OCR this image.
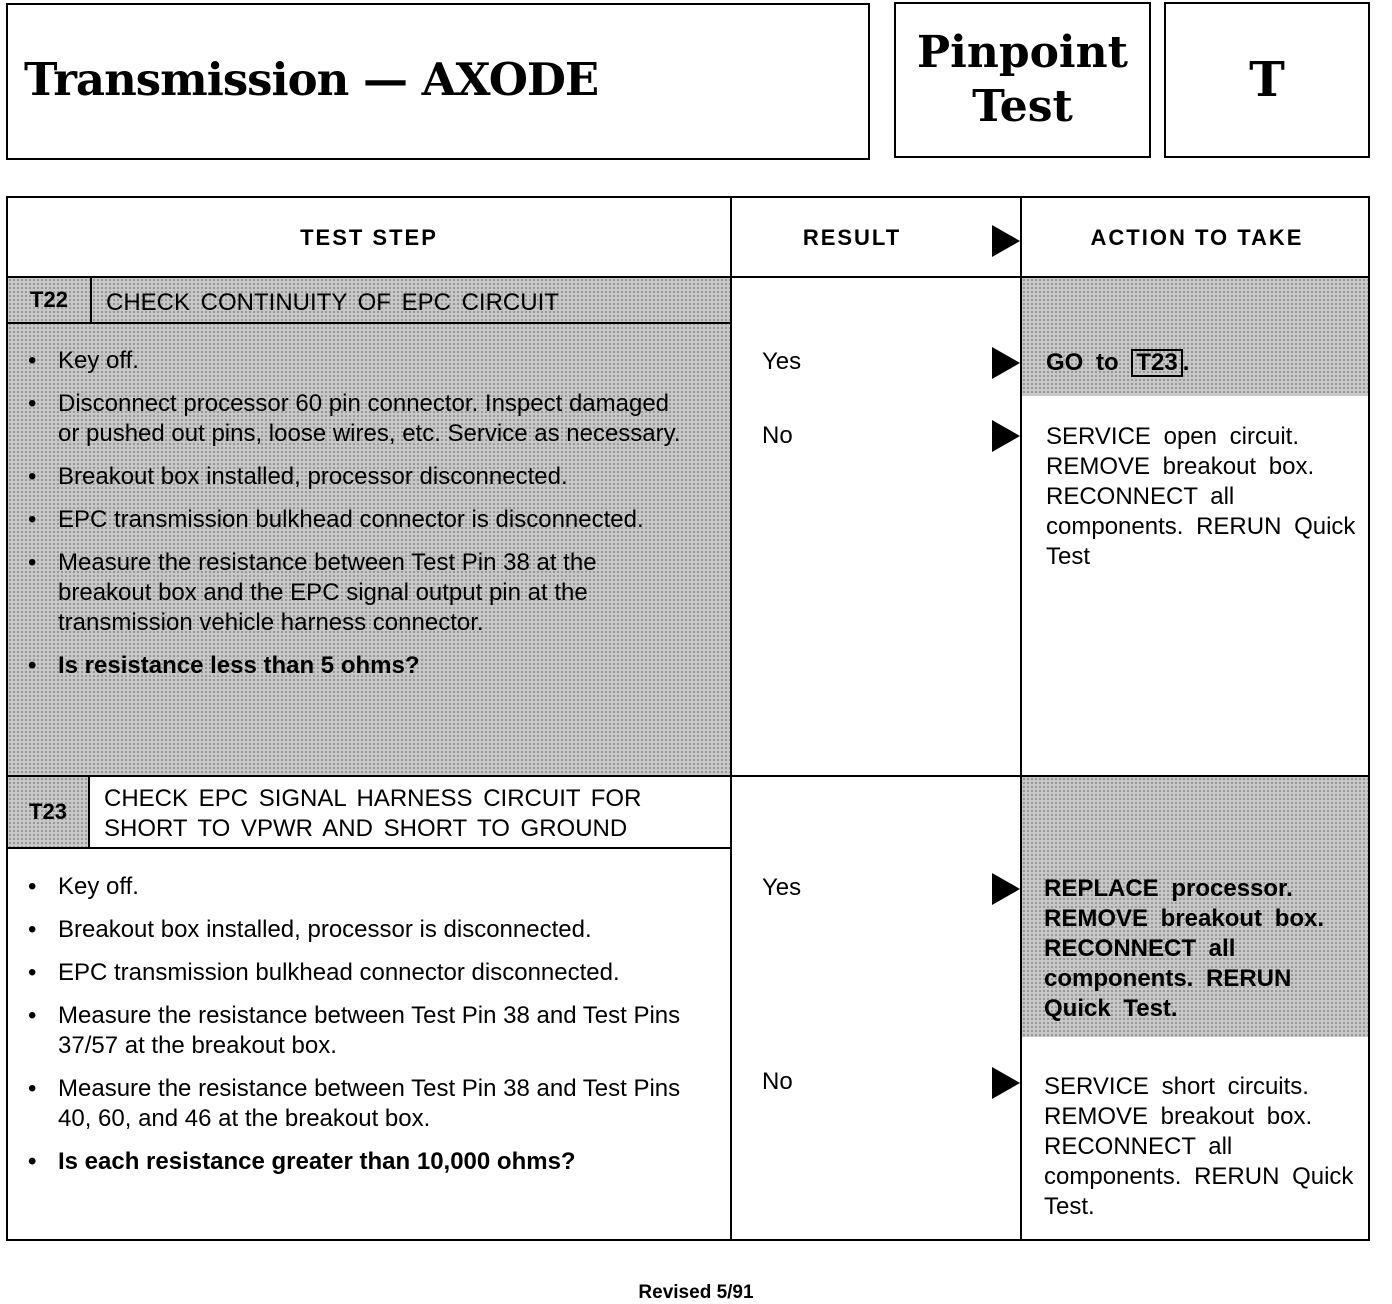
Transmission — AXODE
Pinpoint
Test	T
TEST STEP	RESULT	ACTION TO TAKE
T22	CHECK CONTINUITY OF EPC CIRCUIT
• Key off.
• Disconnect processor 60 pin connector. Inspect damaged or pushed out pins, loose wires, etc. Service as necessary.
• Breakout box installed, processor disconnected.
• EPC transmission bulkhead connector is disconnected.
• Measure the resistance between Test Pin 38 at the breakout box and the EPC signal output pin at the transmission vehicle harness connector.
• Is resistance less than 5 ohms?
Yes	GO to T23 .
No	SERVICE open circuit. REMOVE breakout box. RECONNECT all components. RERUN Quick Test
T23	CHECK EPC SIGNAL HARNESS CIRCUIT FOR
SHORT TO VPWR AND SHORT TO GROUND
• Key off.
• Breakout box installed, processor is disconnected.
• EPC transmission bulkhead connector disconnected.
• Measure the resistance between Test Pin 38 and Test Pins 37/57 at the breakout box.
• Measure the resistance between Test Pin 38 and Test Pins 40, 60, and 46 at the breakout box.
• Is each resistance greater than 10,000 ohms?
Yes	REPLACE processor. REMOVE breakout box. RECONNECT all components. RERUN Quick Test.
No	SERVICE short circuits. REMOVE breakout box. RECONNECT all components. RERUN Quick Test.
Revised 5/91
